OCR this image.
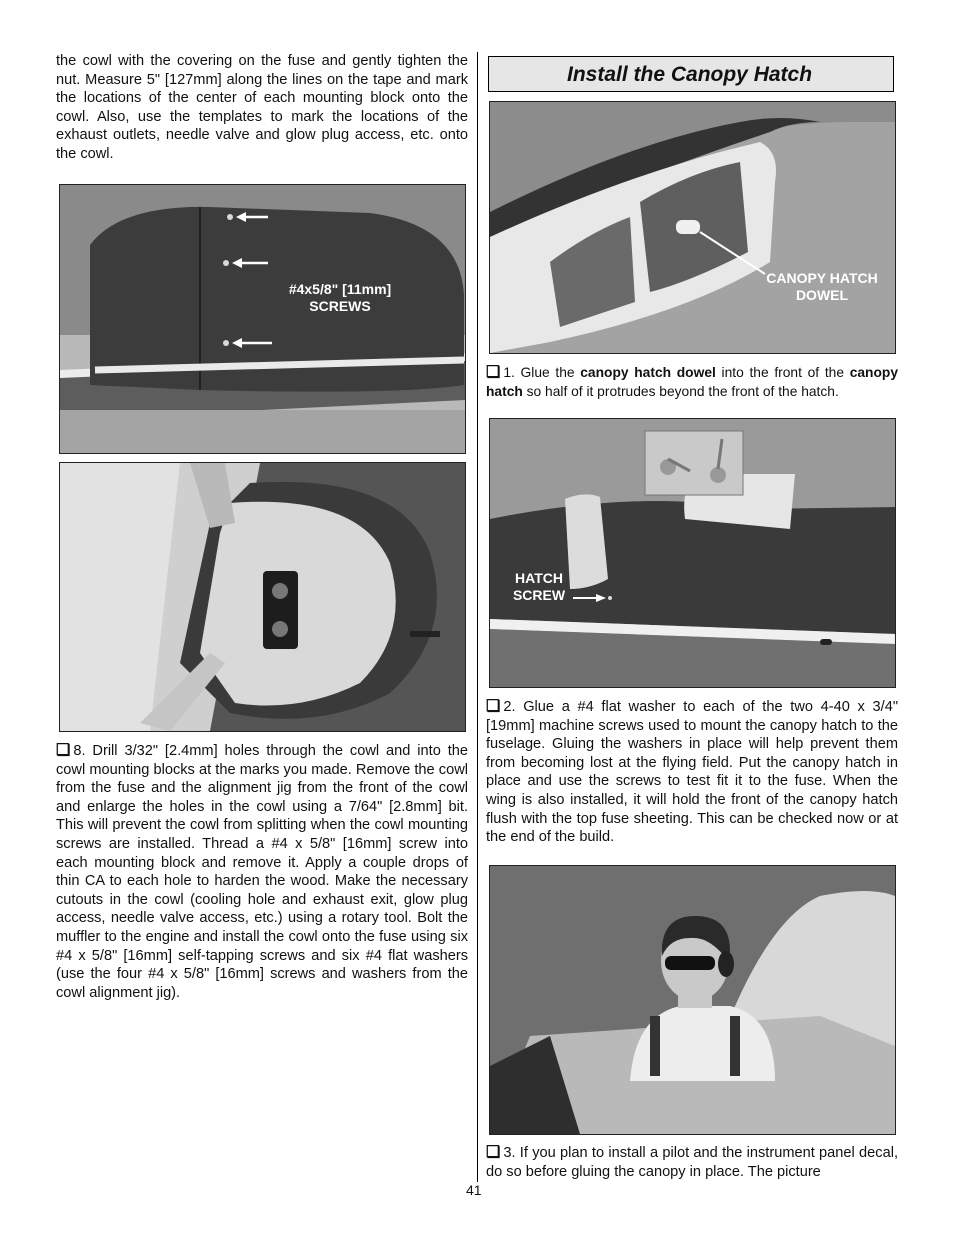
the cowl with the covering on the fuse and gently tighten the nut. Measure 5" [127mm] along the lines on the tape and mark the locations of the center of each mounting block onto the cowl. Also, use the templates to mark the locations of the exhaust outlets, needle valve and glow plug access, etc. onto the cowl.

#4x5/8" [11mm]
SCREWS

❏ 8. Drill 3/32" [2.4mm] holes through the cowl and into the cowl mounting blocks at the marks you made. Remove the cowl from the fuse and the alignment jig from the front of the cowl and enlarge the holes in the cowl using a 7/64" [2.8mm] bit. This will prevent the cowl from splitting when the cowl mounting screws are installed. Thread a #4 x 5/8" [16mm] screw into each mounting block and remove it. Apply a couple drops of thin CA to each hole to harden the wood. Make the necessary cutouts in the cowl (cooling hole and exhaust exit, glow plug access, needle valve access, etc.) using a rotary tool. Bolt the muffler to the engine and install the cowl onto the fuse using six #4 x 5/8" [16mm] self-tapping screws and six #4 flat washers (use the four #4 x 5/8" [16mm] screws and washers from the cowl alignment jig).

Install the Canopy Hatch
CANOPY HATCH
DOWEL

❏ 1. Glue the canopy hatch dowel into the front of the canopy hatch so half of it protrudes beyond the front of the hatch.

HATCH
SCREW

❏ 2. Glue a #4 flat washer to each of the two 4-40 x 3/4" [19mm] machine screws used to mount the canopy hatch to the fuselage. Gluing the washers in place will help prevent them from becoming lost at the flying field. Put the canopy hatch in place and use the screws to test fit it to the fuse. When the wing is also installed, it will hold the front of the canopy hatch flush with the top fuse sheeting. This can be checked now or at the end of the build.

❏ 3. If you plan to install a pilot and the instrument panel decal, do so before gluing the canopy in place. The picture

41
